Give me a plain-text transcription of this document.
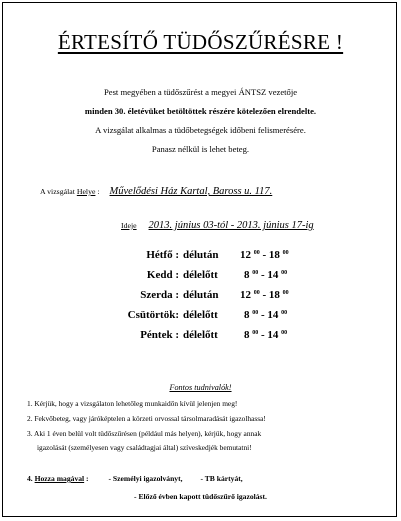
ÉRTESÍTŐ TÜDŐSZŰRÉSRE !
Pest megyében a tüdőszűrést a megyei ÁNTSZ vezetője
minden 30. életévüket betöltöttek részére kötelezően elrendelte.
A vizsgálat alkalmas a tüdőbetegségek időbeni felismerésére.
Panasz nélkül is lehet beteg.
A vizsgálat Helye : Művelődési Ház Kartal, Baross u. 117.
Ideje 2013. június 03-tól - 2013. június 17-ig
Hétfő : délután 12 $^{00}$ - 18 $^{00}$
Kedd : délelőtt 8 $^{00}$ - 14 $^{00}$
Szerda : délután 12 $^{00}$ - 18 $^{00}$
Csütörtök: délelőtt 8 $^{00}$ - 14 $^{00}$
Péntek : délelőtt 8 $^{00}$ - 14 $^{00}$
Fontos tudnivalók!
1. Kérjük, hogy a vizsgálaton lehetőleg munkaidőn kívül jelenjen meg!
2. Fekvőbeteg, vagy járóképtelen a körzeti orvossal társolmaradását igazolhassa!
3. Aki 1 éven belül volt tüdőszűrésen (például más helyen), kérjük, hogy annak
igazolását (személyesen vagy családtagjai által) szíveskedjék bemutatni!
4. Hozza magával :	- Személyi igazolványt, - TB kártyát,
- Előző évben kapott tüdőszűrő igazolást.
